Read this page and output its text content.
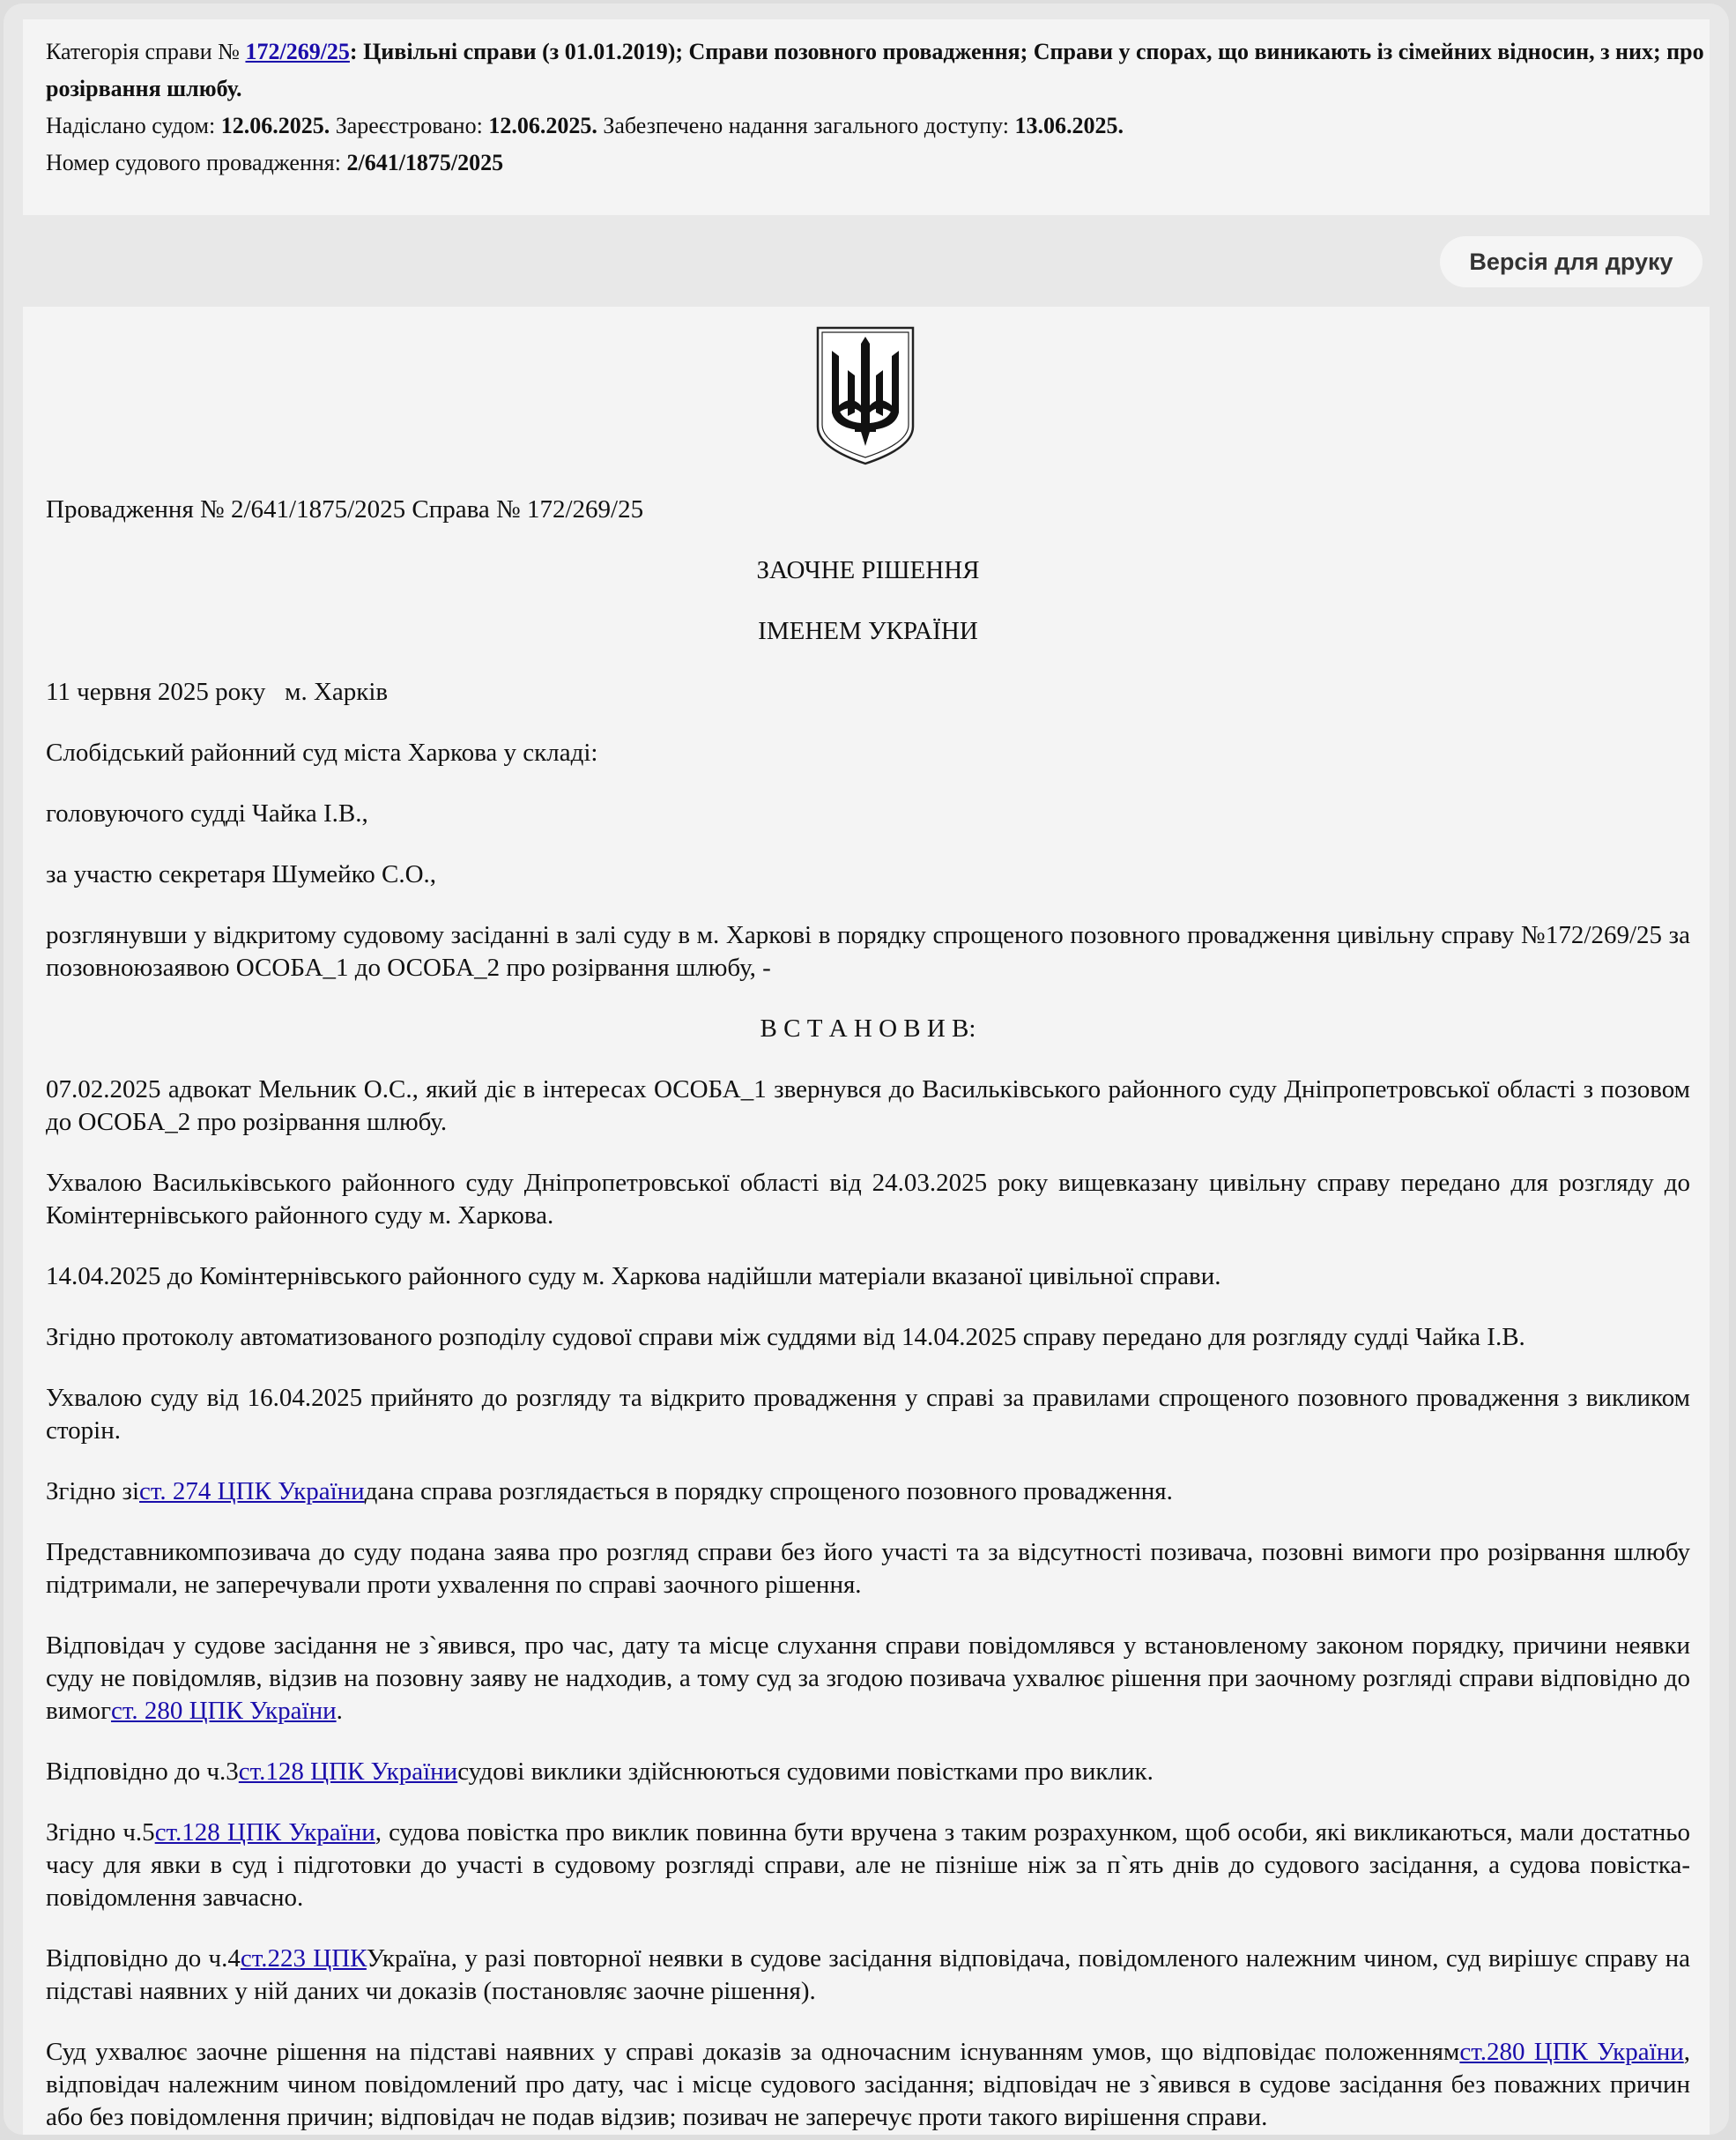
Категорія справи № 172/269/25: Цивільні справи (з 01.01.2019); Справи позовного провадження; Справи у спорах, що виникають із сімейних відносин, з них; про розірвання шлюбу.
Надіслано судом: 12.06.2025. Зареєстровано: 12.06.2025. Забезпечено надання загального доступу: 13.06.2025.
Номер судового провадження: 2/641/1875/2025
Версія для друку

Провадження № 2/641/1875/2025 Справа № 172/269/25

ЗАОЧНЕ РІШЕННЯ

ІМЕНЕМ УКРАЇНИ

11 червня 2025 року   м. Харків

Слобідський районний суд міста Харкова у складі:

головуючого судді Чайка І.В.,

за участю секретаря Шумейко С.О.,

розглянувши у відкритому судовому засіданні в залі суду в м. Харкові в порядку спрощеного позовного провадження цивільну справу №172/269/25 за позовноюзаявою ОСОБА_1 до ОСОБА_2 про розірвання шлюбу, -

В С Т А Н О В И В:

07.02.2025 адвокат Мельник О.С., який діє в інтересах ОСОБА_1 звернувся до Васильківського районного суду Дніпропетровської області з позовом до ОСОБА_2 про розірвання шлюбу.

Ухвалою Васильківського районного суду Дніпропетровської області від 24.03.2025 року вищевказану цивільну справу передано для розгляду до Комінтернівського районного суду м. Харкова.

14.04.2025 до Комінтернівського районного суду м. Харкова надійшли матеріали вказаної цивільної справи.

Згідно протоколу автоматизованого розподілу судової справи між суддями від 14.04.2025 справу передано для розгляду судді Чайка І.В.

Ухвалою суду від 16.04.2025 прийнято до розгляду та відкрито провадження у справі за правилами спрощеного позовного провадження з викликом сторін.

Згідно зіст. 274 ЦПК Українидана справа розглядається в порядку спрощеного позовного провадження.

Представникомпозивача до суду подана заява про розгляд справи без його участі та за відсутності позивача, позовні вимоги про розірвання шлюбу підтримали, не заперечували проти ухвалення по справі заочного рішення.

Відповідач у судове засідання не з`явився, про час, дату та місце слухання справи повідомлявся у встановленому законом порядку, причини неявки суду не повідомляв, відзив на позовну заяву не надходив, а тому суд за згодою позивача ухвалює рішення при заочному розгляді справи відповідно до вимогст. 280 ЦПК України.

Відповідно до ч.3ст.128 ЦПК Українисудові виклики здійснюються судовими повістками про виклик.

Згідно ч.5ст.128 ЦПК України, судова повістка про виклик повинна бути вручена з таким розрахунком, щоб особи, які викликаються, мали достатньо часу для явки в суд і підготовки до участі в судовому розгляді справи, але не пізніше ніж за п`ять днів до судового засідання, а судова повістка-повідомлення завчасно.

Відповідно до ч.4ст.223 ЦПКУкраїна, у разі повторної неявки в судове засідання відповідача, повідомленого належним чином, суд вирішує справу на підставі наявних у ній даних чи доказів (постановляє заочне рішення).

Суд ухвалює заочне рішення на підставі наявних у справі доказів за одночасним існуванням умов, що відповідає положеннямст.280 ЦПК України, відповідач належним чином повідомлений про дату, час і місце судового засідання; відповідач не з`явився в судове засідання без поважних причин або без повідомлення причин; відповідач не подав відзив; позивач не заперечує проти такого вирішення справи.
